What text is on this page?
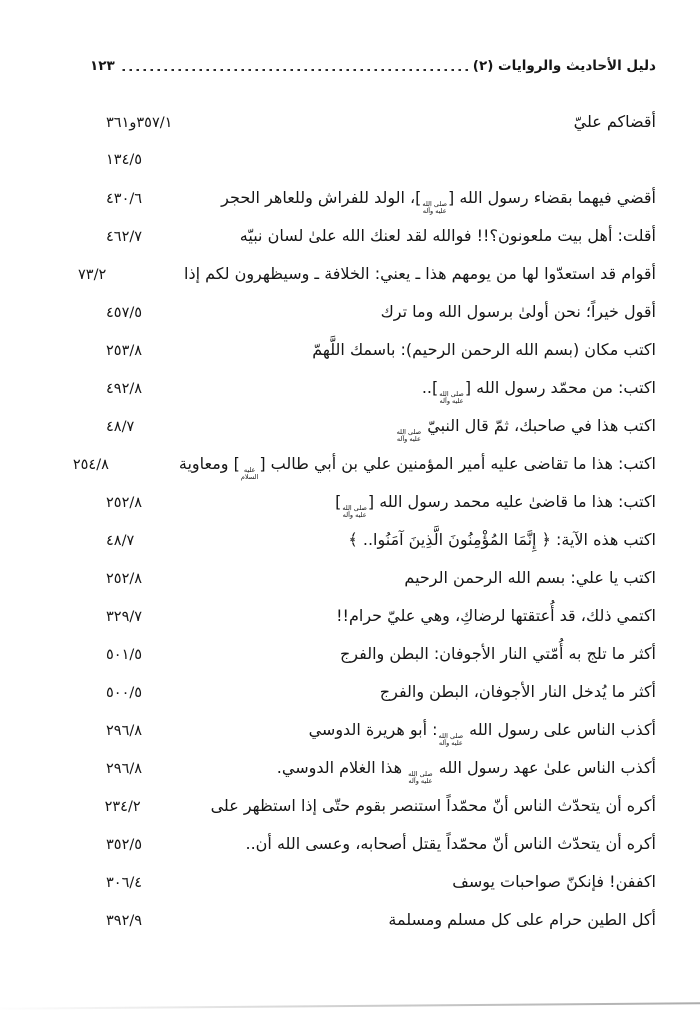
دليل الأحاديث والروايات (٢)
١٢٣
أقضاكم عليّ
٣٥٧/١و٣٦١
١٣٤/٥
أقضي فيهما بقضاء رسول الله [
صلى الله
عليه وآله
]، الولد للفراش وللعاهر الحجر
٤٣٠/٦
أقلت: أهل بيت ملعونون؟!! فوالله لقد لعنك الله علىٰ لسان نبيّه
٤٦٢/٧
أقوام قد استعدّوا لها من يومهم هذا ـ يعني: الخلافة ـ وسيظهرون لكم إذا
٧٣/٢
أقول خيراً؛ نحن أولىٰ برسول الله وما ترك
٤٥٧/٥
اكتب مكان (بسم الله الرحمن الرحيم): باسمك اللَّهمّ
٢٥٣/٨
اكتب: من محمّد رسول الله [
صلى الله
عليه وآله
]..
٤٩٢/٨
اكتب هذا في صاحبك، ثمّ قال النبيّ
صلى الله
عليه وآله
٤٨/٧
اكتب: هذا ما تقاضى عليه أمير المؤمنين علي بن أبي طالب [
عليه
السلام
] ومعاوية
٢٥٤/٨
اكتب: هذا ما قاضىٰ عليه محمد رسول الله [
صلى الله
عليه وآله
]
٢٥٢/٨
اكتب هذه الآية: ﴿ إِنَّمَا المُؤْمِنُونَ الَّذِينَ آمَنُوا.. ﴾
٤٨/٧
اكتب يا علي: بسم الله الرحمن الرحيم
٢٥٢/٨
اكتمي ذلك، قد أُعتقتها لرضاكِ، وهي عليّ حرام!!
٣٢٩/٧
أكثر ما تلج به أُمّتي النار الأجوفان: البطن والفرج
٥٠١/٥
أكثر ما يُدخل النار الأجوفان، البطن والفرج
٥٠٠/٥
أكذب الناس على رسول الله
صلى الله
عليه وآله
: أبو هريرة الدوسي
٢٩٦/٨
أكذب الناس علىٰ عهد رسول الله
صلى الله
عليه وآله
هذا الغلام الدوسي.
٢٩٦/٨
أكره أن يتحدّث الناس أنّ محمّداً استنصر بقوم حتّى إذا استظهر على
٢٣٤/٢
أكره أن يتحدّث الناس أنّ محمّداً يقتل أصحابه، وعسى الله أن..
٣٥٢/٥
اكففن! فإنكنّ صواحبات يوسف
٣٠٦/٤
أكل الطين حرام على كل مسلم ومسلمة
٣٩٢/٩
